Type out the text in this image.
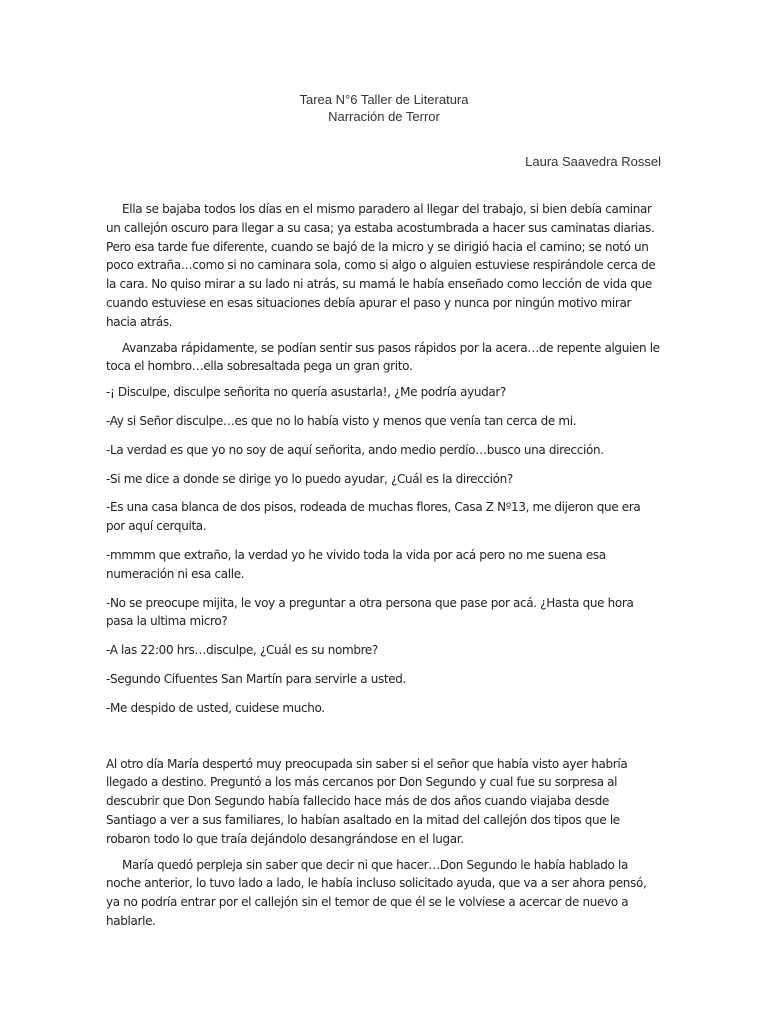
Tarea N°6 Taller de Literatura
Narración de Terror
Laura Saavedra Rossel

Ella se bajaba todos los días en el mismo paradero al llegar del trabajo, si bien debía caminar un callejón oscuro para llegar a su casa; ya estaba acostumbrada a hacer sus caminatas diarias. Pero esa tarde fue diferente, cuando se bajó de la micro y se dirigió hacia el camino; se notó un poco extraña…como si no caminara sola, como si algo o alguien estuviese respirándole cerca de la cara. No quiso mirar a su lado ni atrás, su mamá le había enseñado como lección de vida que cuando estuviese en esas situaciones debía apurar el paso y nunca por ningún motivo mirar hacia atrás.

Avanzaba rápidamente, se podían sentir sus pasos rápidos por la acera…de repente alguien le toca el hombro…ella sobresaltada pega un gran grito.

-¡ Disculpe, disculpe señorita no quería asustarla!, ¿Me podría ayudar?

-Ay si Señor disculpe…es que no lo había visto y menos que venía tan cerca de mi.

-La verdad es que yo no soy de aquí señorita, ando medio perdío…busco una dirección.

-Si me dice a donde se dirige yo lo puedo ayudar, ¿Cuál es la dirección?

-Es una casa blanca de dos pisos, rodeada de muchas flores, Casa Z Nº13, me dijeron que era por aquí cerquita.

-mmmm que extraño, la verdad yo he vivido toda la vida por acá pero no me suena esa numeración ni esa calle.

-No se preocupe mijita, le voy a preguntar a otra persona que pase por acá. ¿Hasta que hora pasa la ultima micro?

-A las 22:00 hrs…disculpe, ¿Cuál es su nombre?

-Segundo Cifuentes San Martín para servirle a usted.

-Me despido de usted, cuidese mucho.

Al otro día María despertó muy preocupada sin saber si el señor que había visto ayer habría llegado a destino. Preguntó a los más cercanos por Don Segundo y cual fue su sorpresa al descubrir que Don Segundo había fallecido hace más de dos años cuando viajaba desde Santiago a ver a sus familiares, lo habían asaltado en la mitad del callejón dos tipos que le robaron todo lo que traía dejándolo desangrándose en el lugar.

María quedó perpleja sin saber que decir ni que hacer…Don Segundo le había hablado la noche anterior, lo tuvo lado a lado, le había incluso solicitado ayuda, que va a ser ahora pensó, ya no podría entrar por el callejón sin el temor de que él se le volviese a acercar de nuevo a hablarle.
